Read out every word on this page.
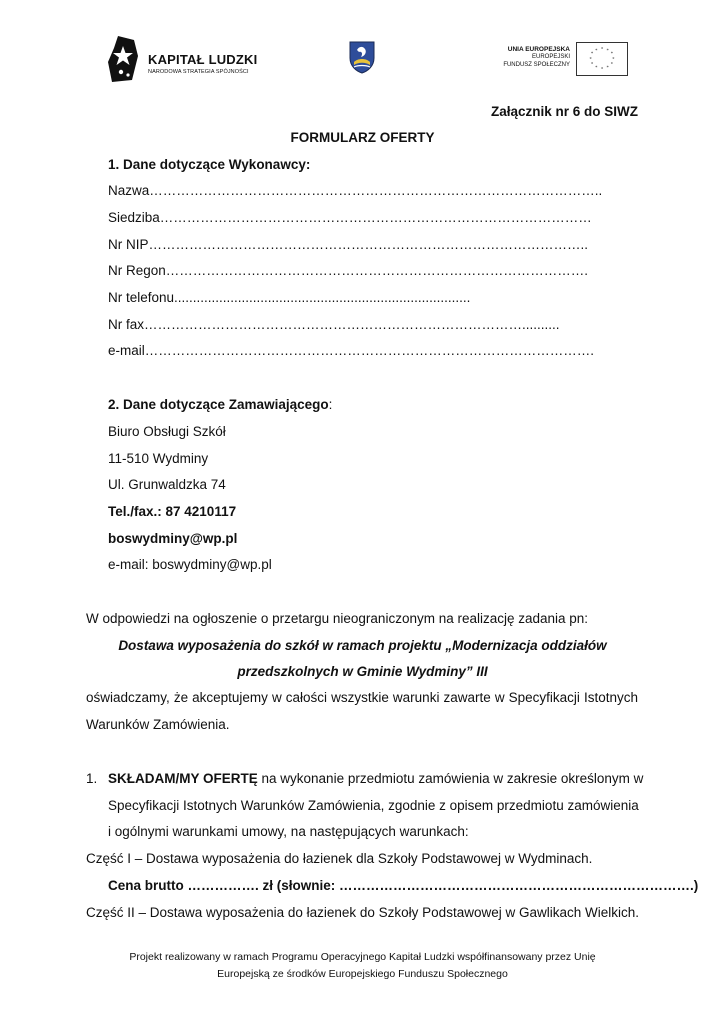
KAPITAŁ LUDZKI
NARODOWA STRATEGIA SPÓJNOŚCI
UNIA EUROPEJSKA
EUROPEJSKI
FUNDUSZ SPOŁECZNY
* *
*
*
*
*
*
*
*
*
*
*
Załącznik nr 6 do SIWZ
FORMULARZ OFERTY
1. Dane dotyczące Wykonawcy:
Nazwa………………………………………………………………………………………..
Siedziba……………………………………………………………………………………
Nr NIP……………………………………………………………………………………..
Nr Regon………………………………………………………………………………….
Nr telefonu...............................................................................
Nr fax…………………………………………………………………………..........
e-mail……………………………………………………………………………………….
2. Dane dotyczące Zamawiającego:
Biuro Obsługi Szkół
11-510 Wydminy
Ul. Grunwaldzka 74
Tel./fax.: 87 4210117
boswydminy@wp.pl
e-mail: boswydminy@wp.pl
W odpowiedzi na ogłoszenie o przetargu nieograniczonym na realizację zadania pn:
Dostawa wyposażenia do szkół w ramach projektu „Modernizacja oddziałów
przedszkolnych w Gminie Wydminy” III
oświadczamy, że akceptujemy w całości wszystkie warunki zawarte w Specyfikacji Istotnych
Warunków Zamówienia.
1. SKŁADAM/MY OFERTĘ na wykonanie przedmiotu zamówienia w zakresie określonym w
Specyfikacji Istotnych Warunków Zamówienia, zgodnie z opisem przedmiotu zamówienia
i ogólnymi warunkami umowy, na następujących warunkach:
Część I – Dostawa wyposażenia do łazienek dla Szkoły Podstawowej w Wydminach.
Cena brutto ……………. zł (słownie: …………………………………………………………………….)
Część II – Dostawa wyposażenia do łazienek do Szkoły Podstawowej w Gawlikach Wielkich.
Projekt realizowany w ramach Programu Operacyjnego Kapitał Ludzki współfinansowany przez Unię
Europejską ze środków Europejskiego Funduszu Społecznego
